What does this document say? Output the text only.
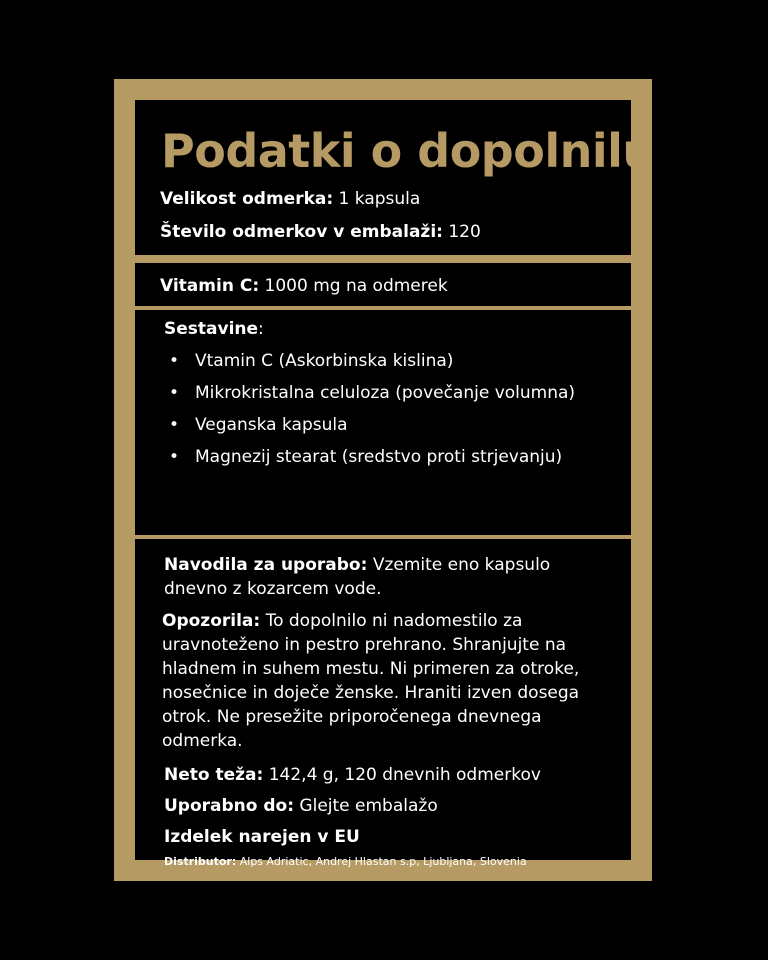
Podatki o dopolnilu
Velikost odmerka: 1 kapsula
Število odmerkov v embalaži: 120
Vitamin C: 1000 mg na odmerek
Sestavine:
• Vtamin C (Askorbinska kislina)
• Mikrokristalna celuloza (povečanje volumna)
• Veganska kapsula
• Magnezij stearat (sredstvo proti strjevanju)
Navodila za uporabo: Vzemite eno kapsulo dnevno z kozarcem vode.
Opozorila: To dopolnilo ni nadomestilo za uravnoteženo in pestro prehrano. Shranjujte na hladnem in suhem mestu. Ni primeren za otroke, nosečnice in doječe ženske. Hraniti izven dosega otrok. Ne presežite priporočenega dnevnega odmerka.
Neto teža: 142,4 g, 120 dnevnih odmerkov
Uporabno do: Glejte embalažo
Izdelek narejen v EU
Distributor: Alps Adriatic, Andrej Hlastan s.p, Ljubljana, Slovenia
